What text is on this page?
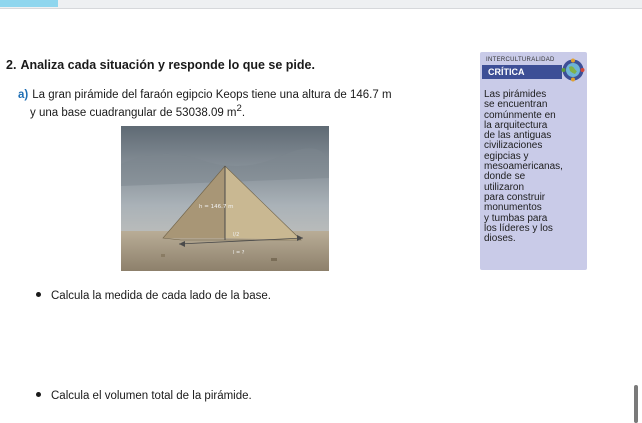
2. Analiza cada situación y responde lo que se pide.
a) La gran pirámide del faraón egipcio Keops tiene una altura de 146.7 m
y una base cuadrangular de 53038.09 $m^2$.
h = 146.7 m
l/2
l = ?
Calcula la medida de cada lado de la base.
Calcula el volumen total de la pirámide.
INTERCULTURALIDAD
CRÍTICA
Las pirámides
se encuentran
comúnmente en
la arquitectura
de las antiguas
civilizaciones
egipcias y
mesoamericanas,
donde se
utilizaron
para construir
monumentos
y tumbas para
los líderes y los
dioses.
